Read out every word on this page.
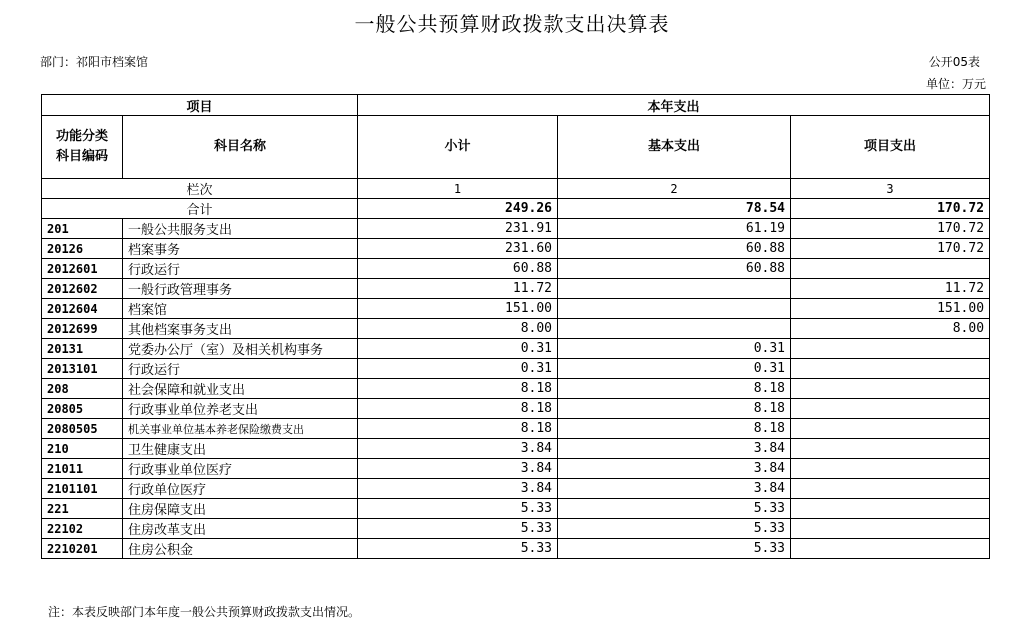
一般公共预算财政拨款支出决算表
部门：祁阳市档案馆	公开05表
单位：万元
项目		本年支出		
功能分类科目编码	科目名称	小计	基本支出	项目支出
栏次		1	2	3
合计		249.26	78.54	170.72
201	一般公共服务支出	231.91	61.19	170.72
20126	档案事务	231.60	60.88	170.72
2012601	行政运行	60.88	60.88	
2012602	一般行政管理事务	11.72		11.72
2012604	档案馆	151.00		151.00
2012699	其他档案事务支出	8.00		8.00
20131	党委办公厅（室）及相关机构事务	0.31	0.31	
2013101	行政运行	0.31	0.31	
208	社会保障和就业支出	8.18	8.18	
20805	行政事业单位养老支出	8.18	8.18	
2080505	机关事业单位基本养老保险缴费支出	8.18	8.18	
210	卫生健康支出	3.84	3.84	
21011	行政事业单位医疗	3.84	3.84	
2101101	行政单位医疗	3.84	3.84	
221	住房保障支出	5.33	5.33	
22102	住房改革支出	5.33	5.33	
2210201	住房公积金	5.33	5.33	
注：本表反映部门本年度一般公共预算财政拨款支出情况。
